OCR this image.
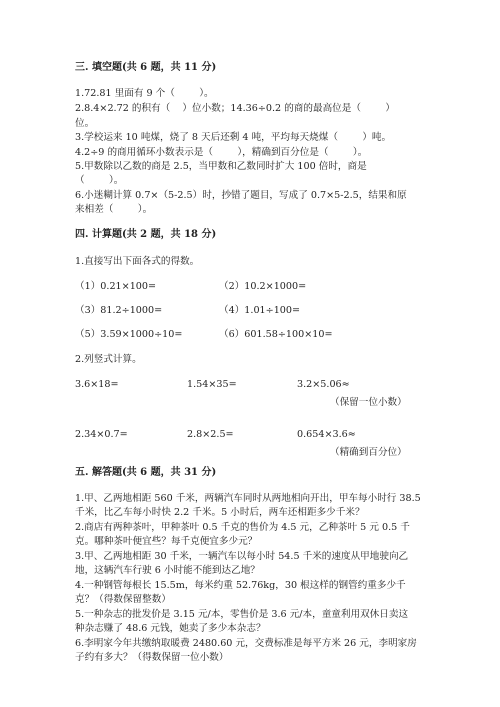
三. 填空题(共 6 题，共 11 分)
1.72.81 里面有 9 个（        ）。
2.8.4×2.72 的积有（    ）位小数；14.36÷0.2 的商的最高位是（        ）
位。
3.学校运来 10 吨煤，烧了 8 天后还剩 4 吨，平均每天烧煤（        ）吨。
4.2÷9 的商用循环小数表示是（        ），精确到百分位是（        ）。
5.甲数除以乙数的商是 2.5，当甲数和乙数同时扩大 100 倍时，商是
（        ）。
6.小迷糊计算 0.7×（5-2.5）时，抄错了题目，写成了 0.7×5-2.5，结果和原
来相差（        ）。
四. 计算题(共 2 题，共 18 分)
1.直接写出下面各式的得数。
（1）0.21×100=	（2）10.2×1000=
（3）81.2÷1000=	（4）1.01÷100=
（5）3.59×1000÷10=	（6）601.58÷100×10=
2.列竖式计算。
3.6×18=	1.54×35=	3.2×5.06≈
（保留一位小数）
2.34×0.7=	2.8×2.5=	0.654×3.6≈
（精确到百分位）
五. 解答题(共 6 题，共 31 分)
1.甲、乙两地相距 560 千米，两辆汽车同时从两地相向开出，甲车每小时行 38.5
千米，比乙车每小时快 2.2 千米。5 小时后，两车还相距多少千米？
2.商店有两种茶叶，甲种茶叶 0.5 千克的售价为 4.5 元，乙种茶叶 5 元 0.5 千
克。哪种茶叶便宜些？每千克便宜多少元？
3.甲、乙两地相距 30 千米，一辆汽车以每小时 54.5 千米的速度从甲地驶向乙
地，这辆汽车行驶 6 小时能不能到达乙地？
4.一种钢管每根长 15.5m，每米约重 52.76kg，30 根这样的钢管约重多少千
克？（得数保留整数）
5.一种杂志的批发价是 3.15 元/本，零售价是 3.6 元/本，童童利用双休日卖这
种杂志赚了 48.6 元钱，她卖了多少本杂志？
6.李明家今年共缴纳取暖费 2480.60 元，交费标准是每平方米 26 元，李明家房
子约有多大？（得数保留一位小数）
